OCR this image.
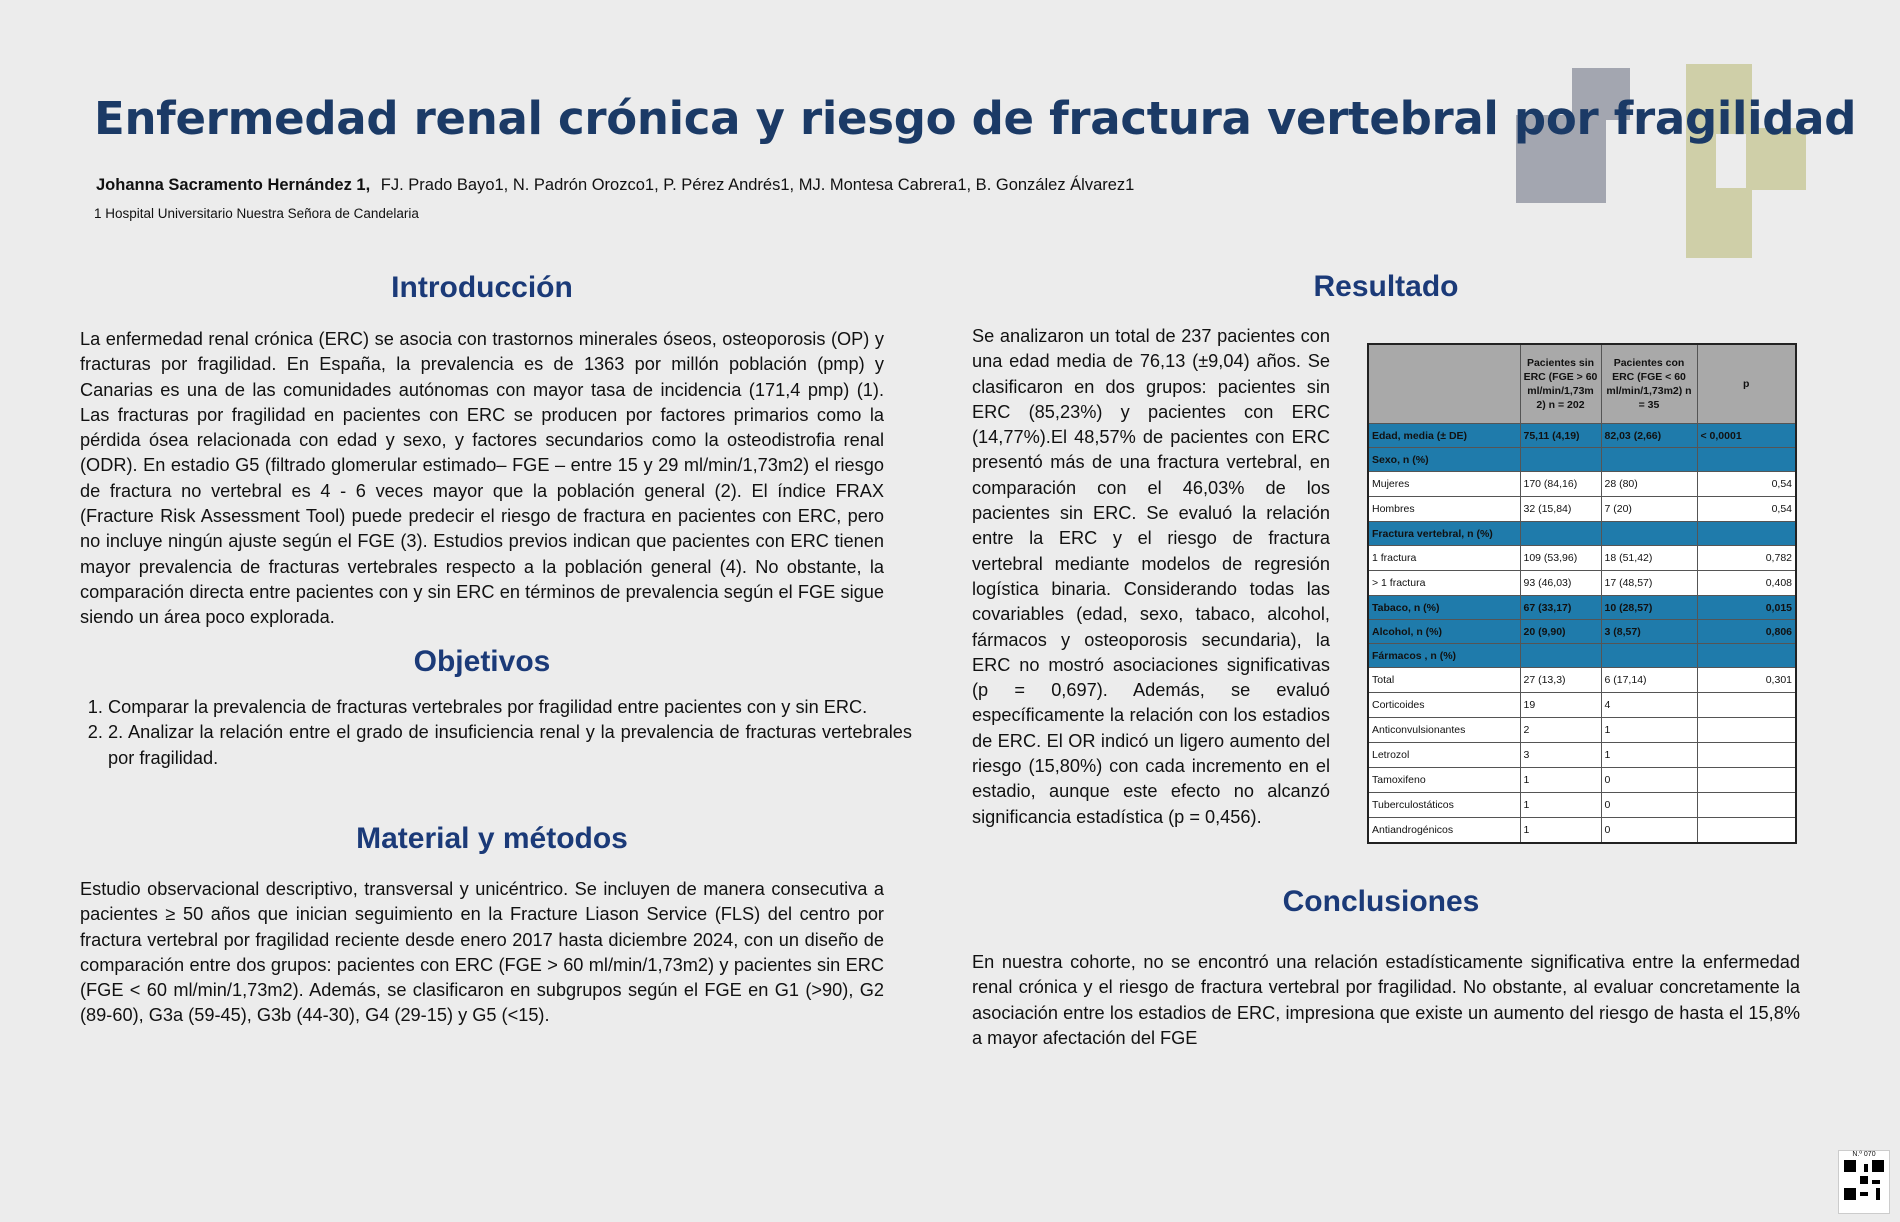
Enfermedad renal crónica y riesgo de fractura vertebral por fragilidad
Johanna Sacramento Hernández 1, FJ. Prado Bayo1, N. Padrón Orozco1, P. Pérez Andrés1, MJ. Montesa Cabrera1, B. González Álvarez1
1 Hospital Universitario Nuestra Señora de Candelaria
Introducción

La enfermedad renal crónica (ERC) se asocia con trastornos minerales óseos, osteoporosis (OP) y fracturas por fragilidad. En España, la prevalencia es de 1363 por millón población (pmp) y Canarias es una de las comunidades autónomas con mayor tasa de incidencia (171,4 pmp) (1). Las fracturas por fragilidad en pacientes con ERC se producen por factores primarios como la pérdida ósea relacionada con edad y sexo, y factores secundarios como la osteodistrofia renal (ODR). En estadio G5 (filtrado glomerular estimado– FGE – entre 15 y 29 ml/min/1,73m2) el riesgo de fractura no vertebral es 4 - 6 veces mayor que la población general (2). El índice FRAX (Fracture Risk Assessment Tool) puede predecir el riesgo de fractura en pacientes con ERC, pero no incluye ningún ajuste según el FGE (3). Estudios previos indican que pacientes con ERC tienen mayor prevalencia de fracturas vertebrales respecto a la población general (4). No obstante, la comparación directa entre pacientes con y sin ERC en términos de prevalencia según el FGE sigue siendo un área poco explorada.

Objetivos
1. Comparar la prevalencia de fracturas vertebrales por fragilidad entre pacientes con y sin ERC.
2. 2. Analizar la relación entre el grado de insuficiencia renal y la prevalencia de fracturas vertebrales por fragilidad.
Material y métodos

Estudio observacional descriptivo, transversal y unicéntrico. Se incluyen de manera consecutiva a pacientes ≥ 50 años que inician seguimiento en la Fracture Liason Service (FLS) del centro por fractura vertebral por fragilidad reciente desde enero 2017 hasta diciembre 2024, con un diseño de comparación entre dos grupos: pacientes con ERC (FGE > 60 ml/min/1,73m2) y pacientes sin ERC (FGE < 60 ml/min/1,73m2). Además, se clasificaron en subgrupos según el FGE en G1 (>90), G2 (89-60), G3a (59-45), G3b (44-30), G4 (29-15) y G5 (<15).

Resultado

Se analizaron un total de 237 pacientes con una edad media de 76,13 (±9,04) años. Se clasificaron en dos grupos: pacientes sin ERC (85,23%) y pacientes con ERC (14,77%).El 48,57% de pacientes con ERC presentó más de una fractura vertebral, en comparación con el 46,03% de los pacientes sin ERC. Se evaluó la relación entre la ERC y el riesgo de fractura vertebral mediante modelos de regresión logística binaria. Considerando todas las covariables (edad, sexo, tabaco, alcohol, fármacos y osteoporosis secundaria), la ERC no mostró asociaciones significativas (p = 0,697). Además, se evaluó específicamente la relación con los estadios de ERC. El OR indicó un ligero aumento del riesgo (15,80%) con cada incremento en el estadio, aunque este efecto no alcanzó significancia estadística (p = 0,456).

	Pacientes sin ERC (FGE > 60 ml/min/1,73m 2) n = 202	Pacientes con ERC (FGE < 60 ml/min/1,73m2) n = 35	p
Edad, media (± DE)	75,11 (4,19)	82,03 (2,66)	< 0,0001
Sexo, n (%)			
Mujeres	170 (84,16)	28 (80)	0,54
Hombres	32 (15,84)	7 (20)	0,54
Fractura vertebral, n (%)			
1 fractura	109 (53,96)	18 (51,42)	0,782
> 1 fractura	93 (46,03)	17 (48,57)	0,408
Tabaco, n (%)	67 (33,17)	10 (28,57)	0,015
Alcohol, n (%)	20 (9,90)	3 (8,57)	0,806
Fármacos , n (%)			
Total	27 (13,3)	6 (17,14)	0,301
Corticoides	19	4	
Anticonvulsionantes	2	1	
Letrozol	3	1	
Tamoxifeno	1	0	
Tuberculostáticos	1	0	
Antiandrogénicos	1	0	
Conclusiones

En nuestra cohorte, no se encontró una relación estadísticamente significativa entre la enfermedad renal crónica y el riesgo de fractura vertebral por fragilidad. No obstante, al evaluar concretamente la asociación entre los estadios de ERC, impresiona que existe un aumento del riesgo de hasta el 15,8% a mayor afectación del FGE

N.º 070
